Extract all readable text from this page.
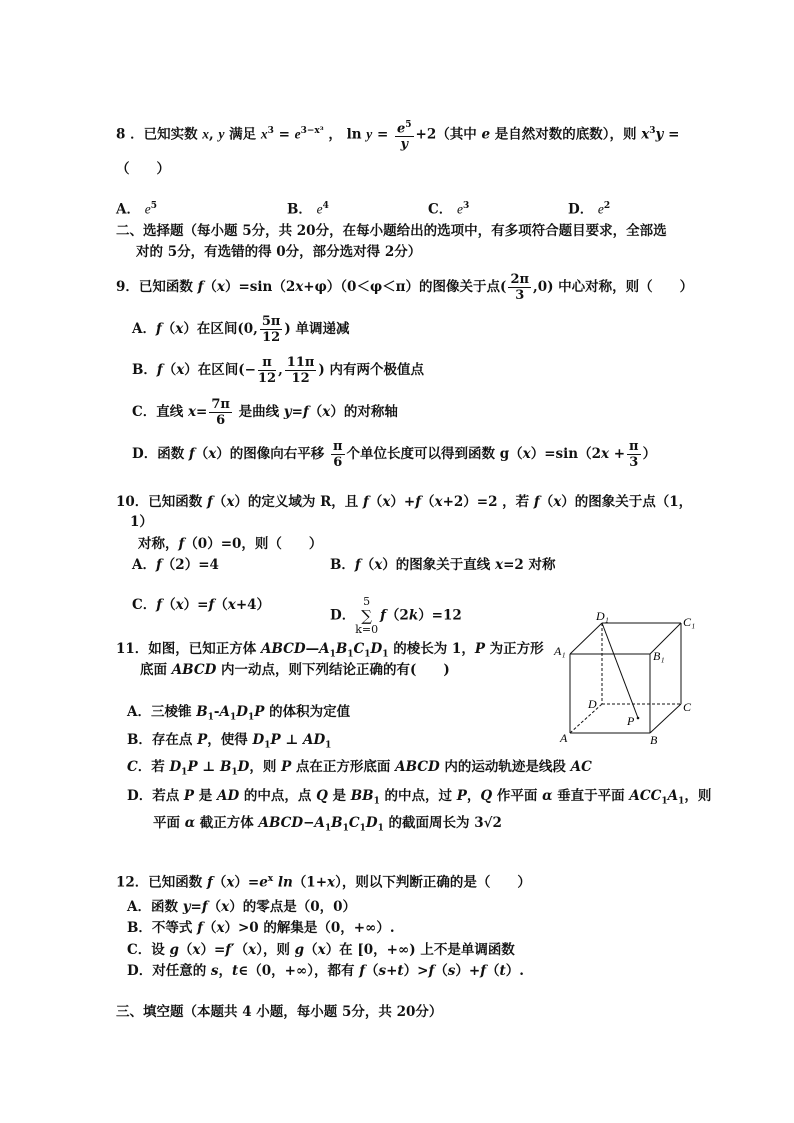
8 ．已知实数 x, y 满足 $x^3 = e^{3-x^3}$ ， $\ln y = \frac{e^5}{y} +2$（其中 e 是自然对数的底数），则 $x^3y$ =
（　　）
A． $e^5$	B． $e^4$	C． $e^3$	D． $e^2$
二、选择题（每小题 5分，共 20分，在每小题给出的选项中，有多项符合题目要求，全部选
对的 5分，有选错的得 0分，部分选对得 2分）
9．已知函数 f（x）=sin（2x+φ）（0＜φ＜π）的图像关于点( $\frac{2\pi}{3} ,0$) 中心对称，则（　　）
A．f（x）在区间(0, $\frac{5\pi}{12}$ ) 单调递减
B．f（x）在区间(− $\frac{\pi}{12}$ , $\frac{11\pi}{12}$ ) 内有两个极值点
C．直线 $x= \frac{7\pi}{6}$ 是曲线 y=f（x）的对称轴
D．函数 f（x）的图像向右平移 $\frac{\pi}{6}$ 个单位长度可以得到函数 $g(x)=\sin(2x + \frac{\pi}{3}$ ）
10．已知函数 f（x）的定义域为 R，且 f（x）+f（x+2）=2 ，若 f（x）的图象关于点（1，
1）
对称，f（0）=0，则（　　）
A．f（2）=4	B．f（x）的图象关于直线 x=2 对称
C．f（x）=f（x+4）
D．5
∑
k=0f（2k）=12
11．如图，已知正方体 $ABCD—A_1B_1C_1D_1$ 的棱长为 1，P 为正方形
底面 ABCD 内一动点，则下列结论正确的有(　　)
A．三棱锥 $B_1-A_1D_1P$ 的体积为定值
B．存在点 P，使得 $D_1P$ ⊥ $AD_1$
C．若 $D_1P$ ⊥ $B_1D$，则 P 点在正方形底面 ABCD 内的运动轨迹是线段 AC
D．若点 P 是 AD 的中点，点 Q 是 $BB_1$ 的中点，过 P，Q 作平面 α 垂直于平面 $ACC_1A_1$，则
平面 α 截正方体 $ABCD-A_1B_1C_1D_1$ 的截面周长为 3√2
D₁	C₁
A₁	B₁
D	C
P
A	B
12．已知函数 $f(x)=e^x$ ln（1+x），则以下判断正确的是（　　）
A．函数 y=f（x）的零点是（0，0）
B．不等式 f（x）>0 的解集是（0，+∞）.
C．设 g（x）=f′（x），则 g（x）在 [0，+∞) 上不是单调函数
D．对任意的 s，t∈（0，+∞），都有 f（s+t）>f（s）+f（t）.
三、填空题（本题共 4 小题，每小题 5分，共 20分）
